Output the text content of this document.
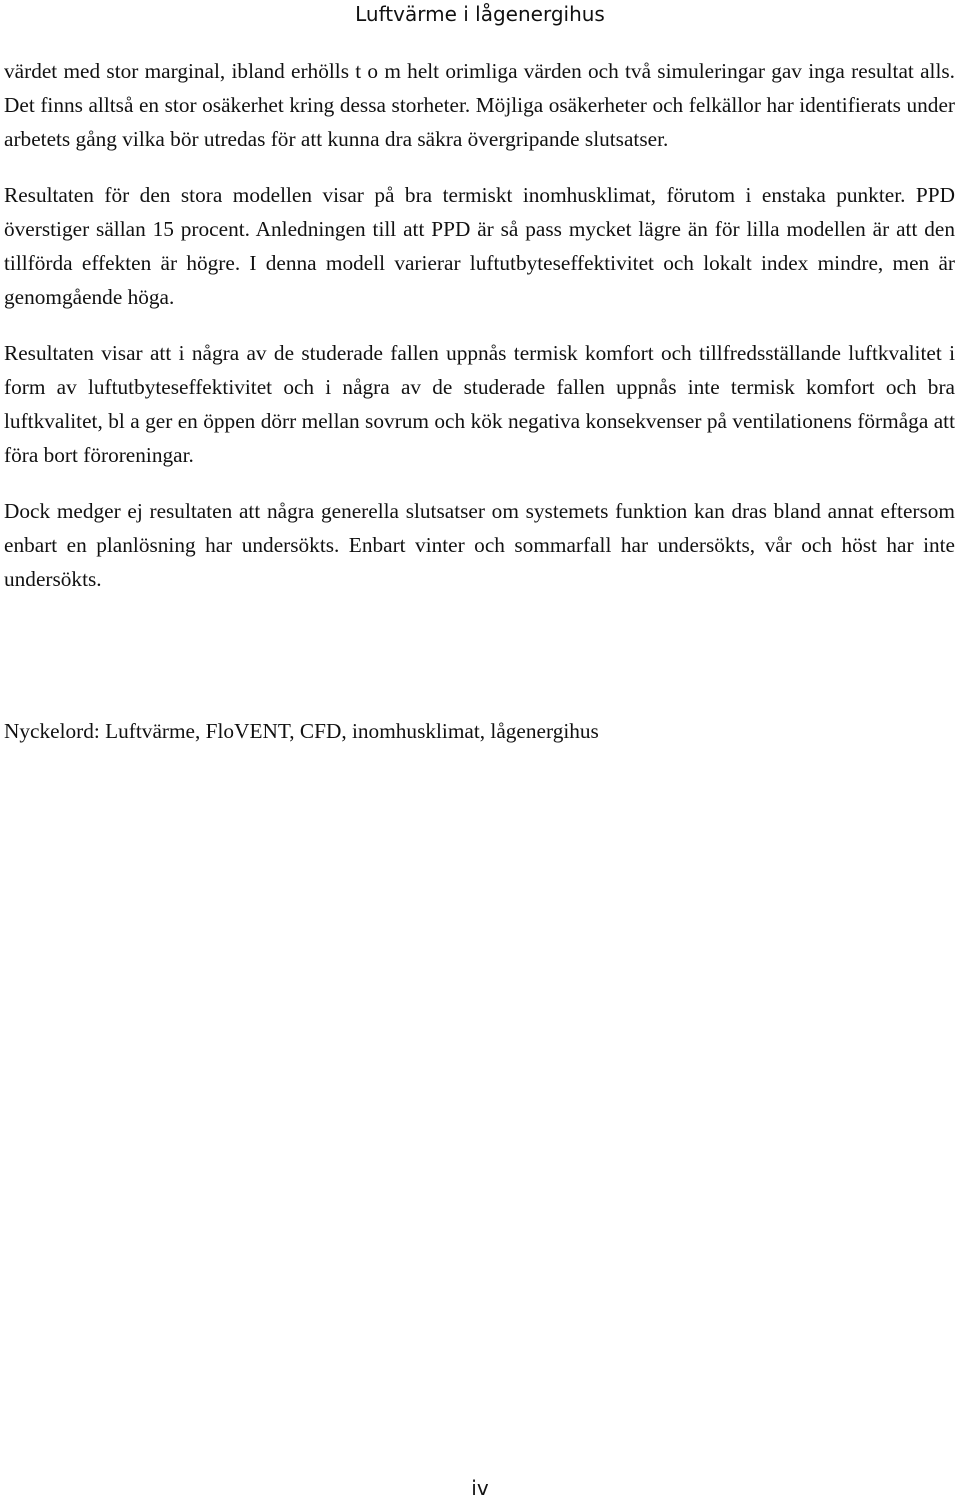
Luftvärme i lågenergihus

värdet med stor marginal, ibland erhölls t o m helt orimliga värden och två simuleringar gav inga resultat alls. Det finns alltså en stor osäkerhet kring dessa storheter. Möjliga osäkerheter och felkällor har identifierats under arbetets gång vilka bör utredas för att kunna dra säkra övergripande slutsatser.

Resultaten för den stora modellen visar på bra termiskt inomhusklimat, förutom i enstaka punkter. PPD överstiger sällan 15 procent. Anledningen till att PPD är så pass mycket lägre än för lilla modellen är att den tillförda effekten är högre. I denna modell varierar luftutbyteseffektivitet och lokalt index mindre, men är genomgående höga.

Resultaten visar att i några av de studerade fallen uppnås termisk komfort och tillfredsställande luftkvalitet i form av luftutbyteseffektivitet och i några av de studerade fallen uppnås inte termisk komfort och bra luftkvalitet, bl a ger en öppen dörr mellan sovrum och kök negativa konsekvenser på ventilationens förmåga att föra bort föroreningar.

Dock medger ej resultaten att några generella slutsatser om systemets funktion kan dras bland annat eftersom enbart en planlösning har undersökts. Enbart vinter och sommarfall har undersökts, vår och höst har inte undersökts.

Nyckelord: Luftvärme, FloVENT, CFD, inomhusklimat, lågenergihus
iv
